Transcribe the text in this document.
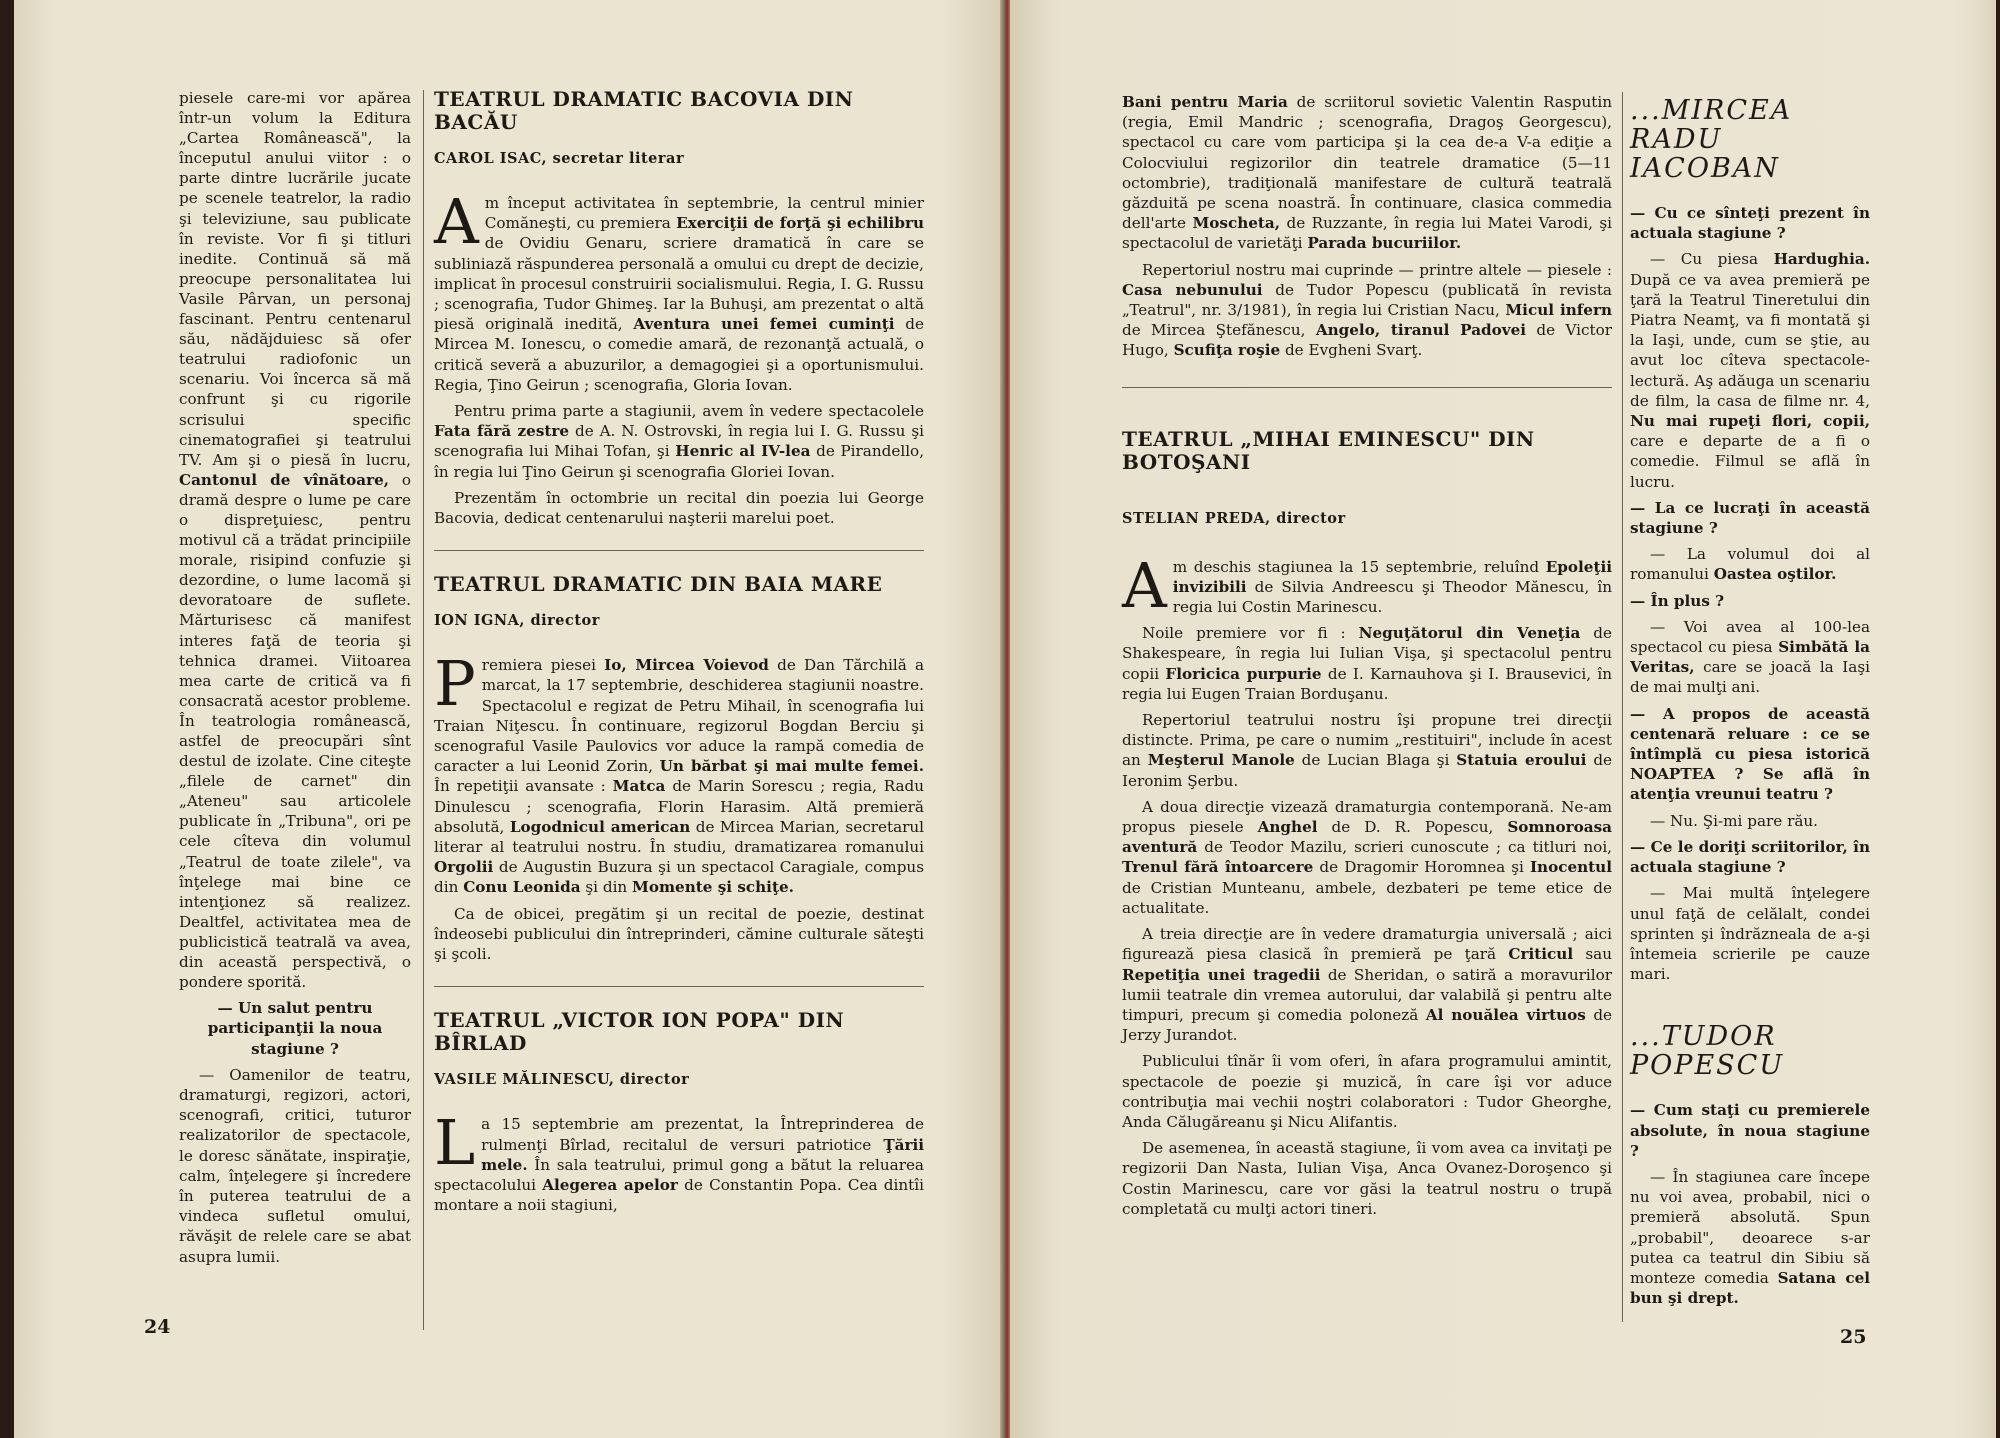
piesele care-mi vor apărea într-un volum la Editura „Cartea Românească", la începutul anului viitor : o parte dintre lucrările jucate pe scenele teatrelor, la radio şi televiziune, sau publicate în reviste. Vor fi şi titluri inedite. Continuă să mă preocupe personalitatea lui Vasile Pârvan, un personaj fascinant. Pentru centenarul său, nădăjduiesc să ofer teatrului radiofonic un scenariu. Voi încerca să mă confrunt şi cu rigorile scrisului specific cinematografiei şi teatrului TV. Am şi o piesă în lucru, Cantonul de vînătoare, o dramă despre o lume pe care o dispreţuiesc, pentru motivul că a trădat principiile morale, risipind confuzie şi dezordine, o lume lacomă şi devoratoare de suflete. Mărturisesc că manifest interes faţă de teoria şi tehnica dramei. Viitoarea mea carte de critică va fi consacrată acestor probleme. În teatrologia românească, astfel de preocupări sînt destul de izolate. Cine citeşte „filele de carnet" din „Ateneu" sau articolele publicate în „Tribuna", ori pe cele cîteva din volumul „Teatrul de toate zilele", va înţelege mai bine ce intenţionez să realizez. Dealtfel, activitatea mea de publicistică teatrală va avea, din această perspectivă, o pondere sporită.

— Un salut pentru participanţii la noua stagiune ?

— Oamenilor de teatru, dramaturgi, regizori, actori, scenografi, critici, tuturor realizatorilor de spectacole, le doresc sănătate, inspiraţie, calm, înţelegere şi încredere în puterea teatrului de a vindeca sufletul omului, răvăşit de relele care se abat asupra lumii.

TEATRUL DRAMATIC BACOVIA DIN BACĂU
CAROL ISAC, secretar literar

Am început activitatea în septembrie, la centrul minier Comăneşti, cu premiera Exerciţii de forţă şi echilibru de Ovidiu Genaru, scriere dramatică în care se subliniază răspunderea personală a omului cu drept de decizie, implicat în procesul construirii socialismului. Regia, I. G. Russu ; scenografia, Tudor Ghimeş. Iar la Buhuşi, am prezentat o altă piesă originală inedită, Aventura unei femei cuminţi de Mircea M. Ionescu, o comedie amară, de rezonanţă actuală, o critică severă a abuzurilor, a demagogiei şi a oportunismului. Regia, Ţino Geirun ; scenografia, Gloria Iovan.

Pentru prima parte a stagiunii, avem în vedere spectacolele Fata fără zestre de A. N. Ostrovski, în regia lui I. G. Russu şi scenografia lui Mihai Tofan, şi Henric al IV-lea de Pirandello, în regia lui Ţino Geirun şi scenografia Gloriei Iovan.

Prezentăm în octombrie un recital din poezia lui George Bacovia, dedicat centenarului naşterii marelui poet.

TEATRUL DRAMATIC DIN BAIA MARE
ION IGNA, director

Premiera piesei Io, Mircea Voievod de Dan Tărchilă a marcat, la 17 septembrie, deschiderea stagiunii noastre. Spectacolul e regizat de Petru Mihail, în scenografia lui Traian Niţescu. În continuare, regizorul Bogdan Berciu şi scenograful Vasile Paulovics vor aduce la rampă comedia de caracter a lui Leonid Zorin, Un bărbat şi mai multe femei. În repetiţii avansate : Matca de Marin Sorescu ; regia, Radu Dinulescu ; scenografia, Florin Harasim. Altă premieră absolută, Logodnicul american de Mircea Marian, secretarul literar al teatrului nostru. În studiu, dramatizarea romanului Orgolii de Augustin Buzura şi un spectacol Caragiale, compus din Conu Leonida şi din Momente şi schiţe.

Ca de obicei, pregătim şi un recital de poezie, destinat îndeosebi publicului din întreprinderi, cămine culturale săteşti şi şcoli.

TEATRUL „VICTOR ION POPA" DIN BÎRLAD
VASILE MĂLINESCU, director

La 15 septembrie am prezentat, la Întreprinderea de rulmenţi Bîrlad, recitalul de versuri patriotice Ţării mele. În sala teatrului, primul gong a bătut la reluarea spectacolului Alegerea apelor de Constantin Popa. Cea dintîi montare a noii stagiuni,

24

Bani pentru Maria de scriitorul sovietic Valentin Rasputin (regia, Emil Mandric ; scenografia, Dragoş Georgescu), spectacol cu care vom participa şi la cea de-a V-a ediţie a Colocviului regizorilor din teatrele dramatice (5—11 octombrie), tradiţională manifestare de cultură teatrală găzduită pe scena noastră. În continuare, clasica commedia dell'arte Moscheta, de Ruzzante, în regia lui Matei Varodi, şi spectacolul de varietăţi Parada bucuriilor.

Repertoriul nostru mai cuprinde — printre altele — piesele : Casa nebunului de Tudor Popescu (publicată în revista „Teatrul", nr. 3/1981), în regia lui Cristian Nacu, Micul infern de Mircea Ştefănescu, Angelo, tiranul Padovei de Victor Hugo, Scufiţa roşie de Evgheni Svarţ.

TEATRUL „MIHAI EMINESCU" DIN BOTOŞANI
STELIAN PREDA, director

Am deschis stagiunea la 15 septembrie, reluînd Epoleţii invizibili de Silvia Andreescu şi Theodor Mănescu, în regia lui Costin Marinescu.

Noile premiere vor fi : Neguţătorul din Veneţia de Shakespeare, în regia lui Iulian Vişa, şi spectacolul pentru copii Floricica purpurie de I. Karnauhova şi I. Brausevici, în regia lui Eugen Traian Borduşanu.

Repertoriul teatrului nostru îşi propune trei direcţii distincte. Prima, pe care o numim „restituiri", include în acest an Meşterul Manole de Lucian Blaga şi Statuia eroului de Ieronim Şerbu.

A doua direcţie vizează dramaturgia contemporană. Ne-am propus piesele Anghel de D. R. Popescu, Somnoroasa aventură de Teodor Mazilu, scrieri cunoscute ; ca titluri noi, Trenul fără întoarcere de Dragomir Horomnea şi Inocentul de Cristian Munteanu, ambele, dezbateri pe teme etice de actualitate.

A treia direcţie are în vedere dramaturgia universală ; aici figurează piesa clasică în premieră pe ţară Criticul sau Repetiţia unei tragedii de Sheridan, o satiră a moravurilor lumii teatrale din vremea autorului, dar valabilă şi pentru alte timpuri, precum şi comedia poloneză Al nouălea virtuos de Jerzy Jurandot.

Publicului tînăr îi vom oferi, în afara programului amintit, spectacole de poezie şi muzică, în care îşi vor aduce contribuţia mai vechii noştri colaboratori : Tudor Gheorghe, Anda Călugăreanu şi Nicu Alifantis.

De asemenea, în această stagiune, îi vom avea ca invitaţi pe regizorii Dan Nasta, Iulian Vişa, Anca Ovanez-Doroşenco şi Costin Marinescu, care vor găsi la teatrul nostru o trupă completată cu mulţi actori tineri.

...MIRCEA RADU IACOBAN

— Cu ce sînteţi prezent în actuala stagiune ?

— Cu piesa Hardughia. După ce va avea premieră pe ţară la Teatrul Tineretului din Piatra Neamţ, va fi montată şi la Iaşi, unde, cum se ştie, au avut loc cîteva spectacole-lectură. Aş adăuga un scenariu de film, la casa de filme nr. 4, Nu mai rupeţi flori, copii, care e departe de a fi o comedie. Filmul se află în lucru.

— La ce lucraţi în această stagiune ?

— La volumul doi al romanului Oastea oştilor.

— În plus ?

— Voi avea al 100-lea spectacol cu piesa Simbătă la Veritas, care se joacă la Iaşi de mai mulţi ani.

— A propos de această centenară reluare : ce se întîmplă cu piesa istorică NOAPTEA ? Se află în atenţia vreunui teatru ?

— Nu. Şi-mi pare rău.

— Ce le doriţi scriitorilor, în actuala stagiune ?

— Mai multă înţelegere unul faţă de celălalt, condei sprinten şi îndrăzneala de a-şi întemeia scrierile pe cauze mari.

...TUDOR POPESCU

— Cum staţi cu premierele absolute, în noua stagiune ?

— În stagiunea care începe nu voi avea, probabil, nici o premieră absolută. Spun „probabil", deoarece s-ar putea ca teatrul din Sibiu să monteze comedia Satana cel bun şi drept.

25
